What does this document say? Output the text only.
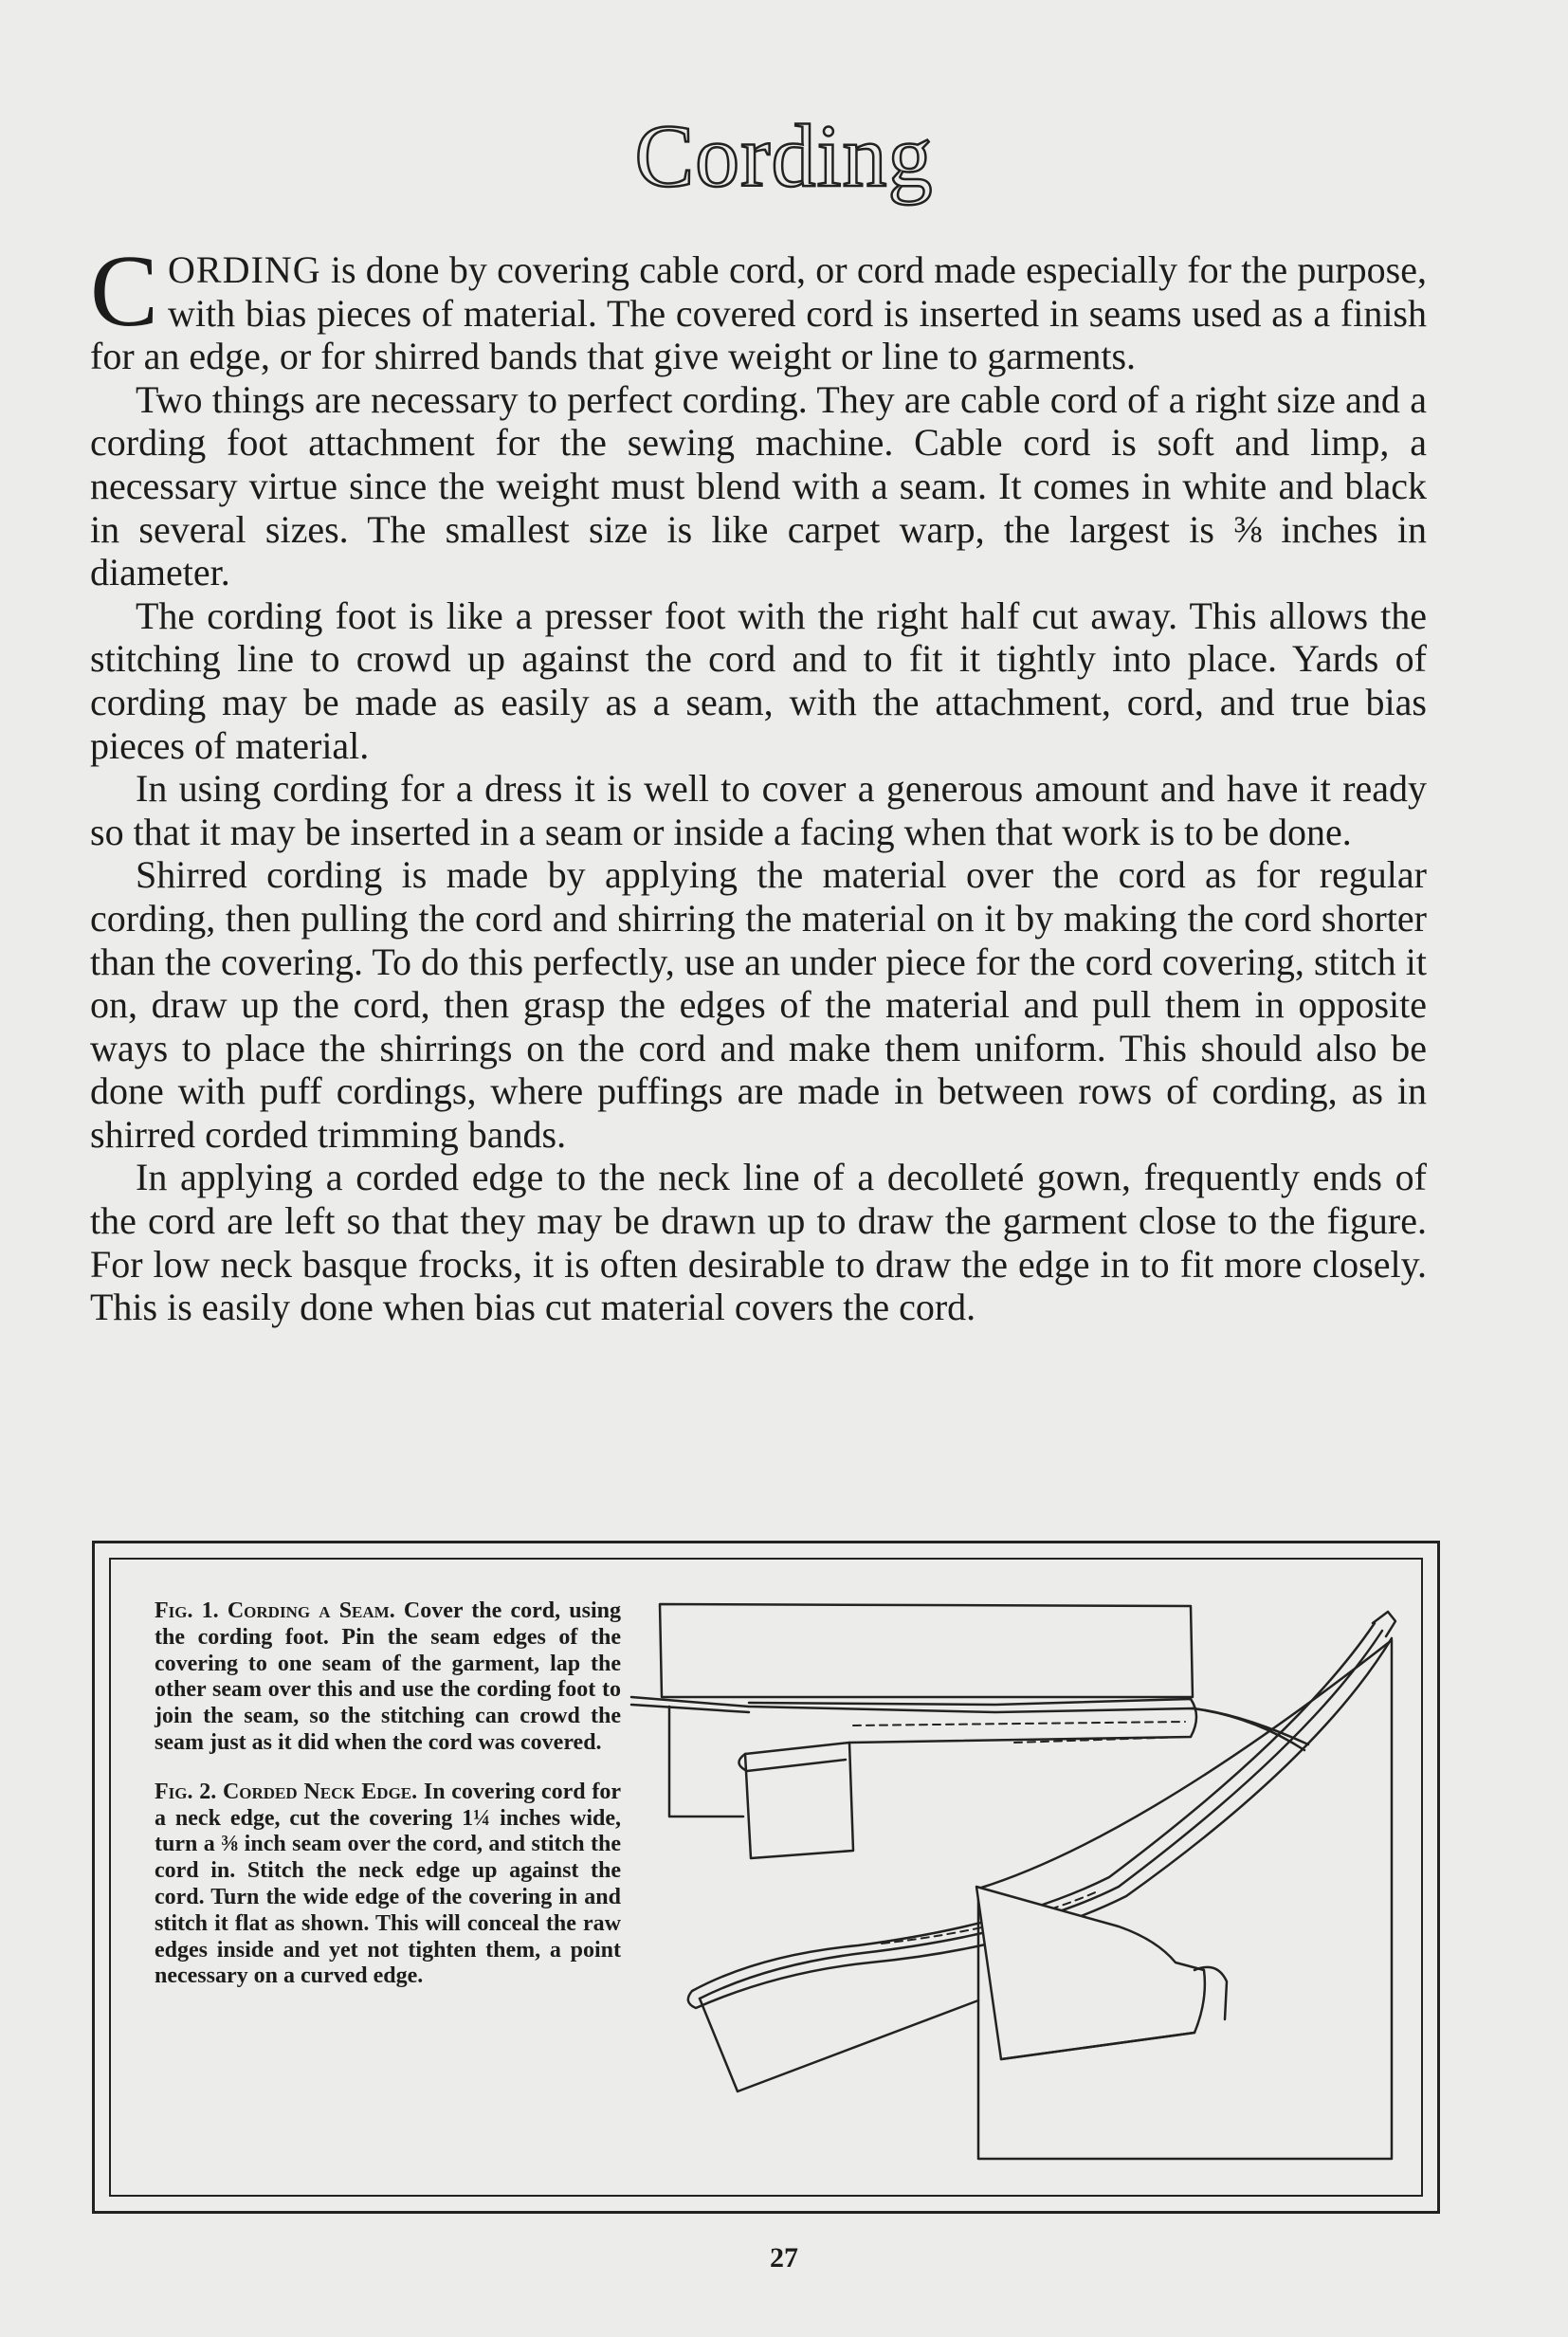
Cording

CORDING is done by covering cable cord, or cord made especially for the purpose, with bias pieces of material. The covered cord is inserted in seams used as a finish for an edge, or for shirred bands that give weight or line to garments.

Two things are necessary to perfect cording. They are cable cord of a right size and a cording foot attachment for the sewing machine. Cable cord is soft and limp, a necessary virtue since the weight must blend with a seam. It comes in white and black in several sizes. The smallest size is like carpet warp, the largest is ⅜ inches in diameter.

The cording foot is like a presser foot with the right half cut away. This allows the stitching line to crowd up against the cord and to fit it tightly into place. Yards of cording may be made as easily as a seam, with the attachment, cord, and true bias pieces of material.

In using cording for a dress it is well to cover a generous amount and have it ready so that it may be inserted in a seam or inside a facing when that work is to be done.

Shirred cording is made by applying the material over the cord as for regular cording, then pulling the cord and shirring the material on it by making the cord shorter than the covering. To do this perfectly, use an under piece for the cord covering, stitch it on, draw up the cord, then grasp the edges of the material and pull them in opposite ways to place the shirrings on the cord and make them uniform. This should also be done with puff cordings, where puffings are made in between rows of cording, as in shirred corded trimming bands.

In applying a corded edge to the neck line of a decolleté gown, frequently ends of the cord are left so that they may be drawn up to draw the garment close to the figure. For low neck basque frocks, it is often desirable to draw the edge in to fit more closely. This is easily done when bias cut material covers the cord.

Fig. 1. Cording a Seam. Cover the cord, using the cording foot. Pin the seam edges of the covering to one seam of the garment, lap the other seam over this and use the cording foot to join the seam, so the stitching can crowd the seam just as it did when the cord was covered.

Fig. 2. Corded Neck Edge. In covering cord for a neck edge, cut the covering 1¼ inches wide, turn a ⅜ inch seam over the cord, and stitch the cord in. Stitch the neck edge up against the cord. Turn the wide edge of the covering in and stitch it flat as shown. This will conceal the raw edges inside and yet not tighten them, a point necessary on a curved edge.

27
